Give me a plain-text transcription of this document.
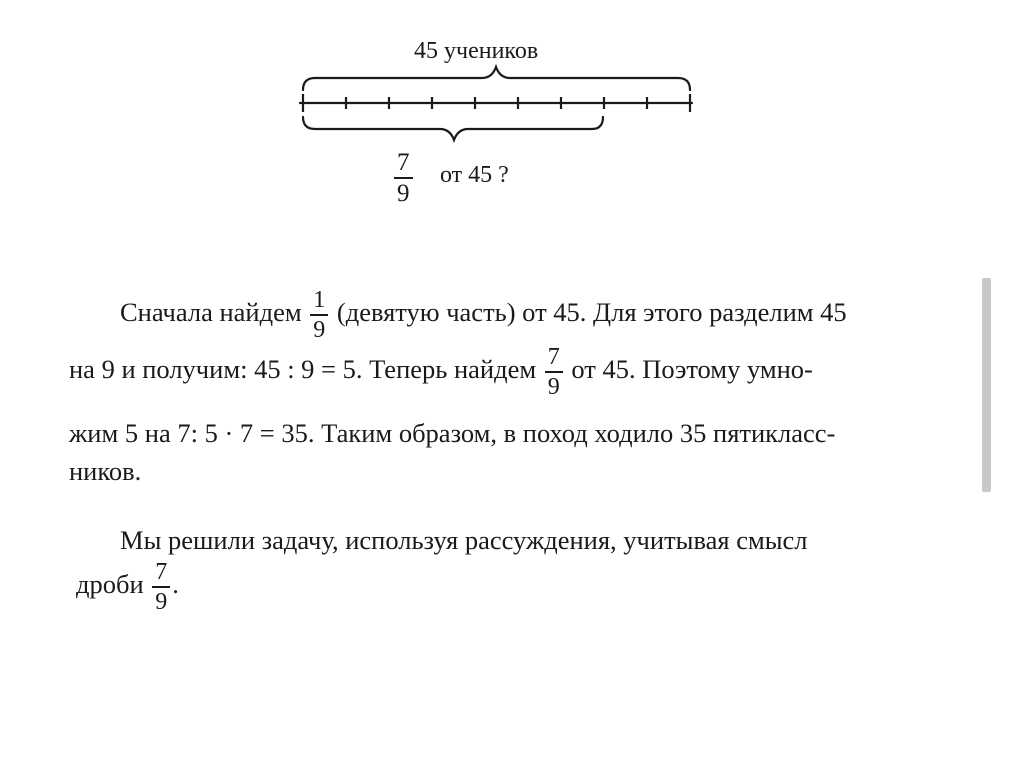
45 учеников
$\frac{7}{9}$ от 45 ?
Сначала найдем $\frac{1}{9}$ (девятую часть) от 45. Для этого разделим 45
на 9 и получим: 45 : 9 = 5. Теперь найдем $\frac{7}{9}$ от 45. Поэтому умно-
жим 5 на 7: 5 · 7 = 35. Таким образом, в поход ходило 35 пятикласс-
ников.
Мы решили задачу, используя рассуждения, учитывая смысл
дроби $\frac{7}{9}$ .
